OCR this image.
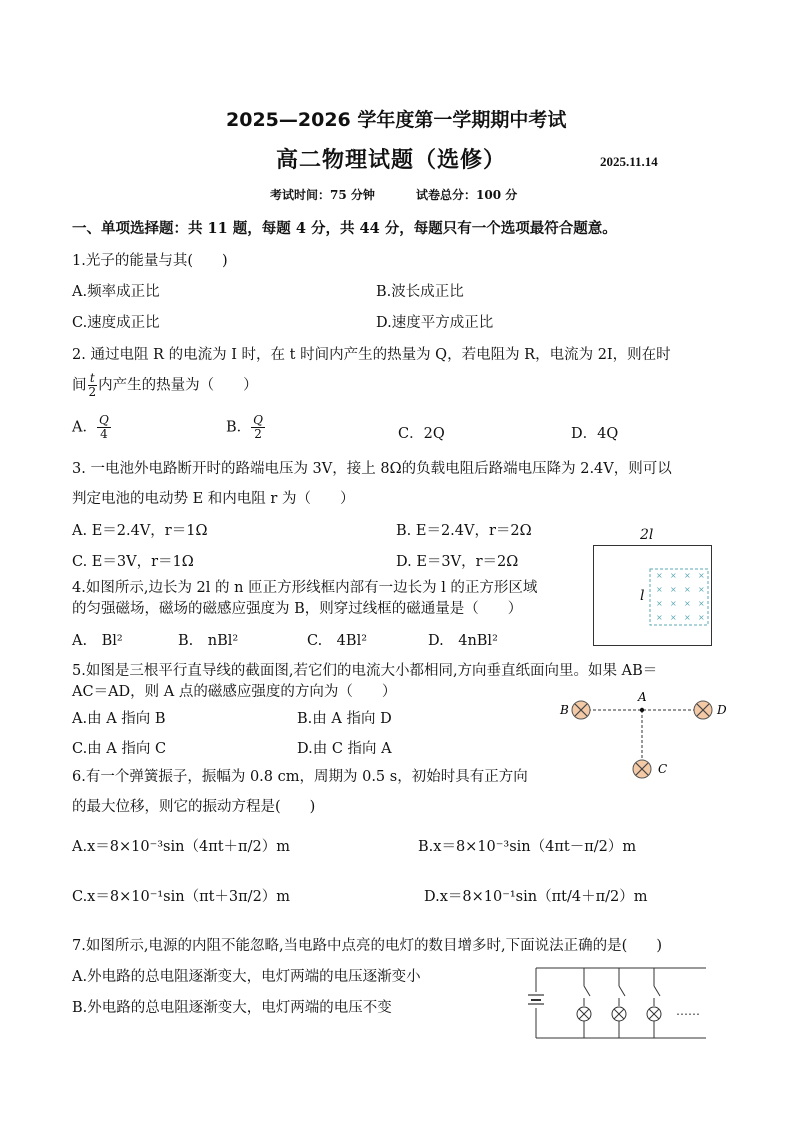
2025—2026 学年度第一学期期中考试
高二物理试题（选修）	2025.11.14
考试时间：75 分钟	试卷总分：100 分
一、单项选择题：共 11 题，每题 4 分，共 44 分，每题只有一个选项最符合题意。
1.光子的能量与其(　　)
A.频率成正比	B.波长成正比
C.速度成正比	D.速度平方成正比
2. 通过电阻 R 的电流为 I 时，在 t 时间内产生的热量为 Q，若电阻为 R，电流为 2I，则在时
间 $\frac{t}{2}$ 内产生的热量为（　　）
A． $\frac{Q}{4}$	B． $\frac{Q}{2}$	C．2Q	D．4Q
3. 一电池外电路断开时的路端电压为 3V，接上 8Ω的负载电阻后路端电压降为 2.4V，则可以
判定电池的电动势 E 和内电阻 r 为（　　）
A. E＝2.4V，r＝1Ω	B. E＝2.4V，r＝2Ω
C. E＝3V，r＝1Ω	D. E＝3V，r＝2Ω
4.如图所示,边长为 2l 的 n 匝正方形线框内部有一边长为 l 的正方形区域
的匀强磁场，磁场的磁感应强度为 B，则穿过线框的磁通量是（　　）
A.　Bl²	B.　nBl²	C.　4Bl²	D.　4nBl²
2l
l
× × × ×
× × × ×
× × × ×
× × × ×
5.如图是三根平行直导线的截面图,若它们的电流大小都相同,方向垂直纸面向里。如果 AB＝
AC＝AD，则 A 点的磁感应强度的方向为（　　）
A.由 A 指向 B	B.由 A 指向 D
C.由 A 指向 C	D.由 C 指向 A
A
B
C
D
6.有一个弹簧振子，振幅为 0.8 cm，周期为 0.5 s，初始时具有正方向
的最大位移，则它的振动方程是(　　)
A.x＝8×10⁻³sin（4πt＋π/2）m	B.x＝8×10⁻³sin（4πt－π/2）m
C.x＝8×10⁻¹sin（πt＋3π/2）m	D.x＝8×10⁻¹sin（πt/4＋π/2）m
7.如图所示,电源的内阻不能忽略,当电路中点亮的电灯的数目增多时,下面说法正确的是(　　)
A.外电路的总电阻逐渐变大，电灯两端的电压逐渐变小
B.外电路的总电阻逐渐变大，电灯两端的电压不变	……
